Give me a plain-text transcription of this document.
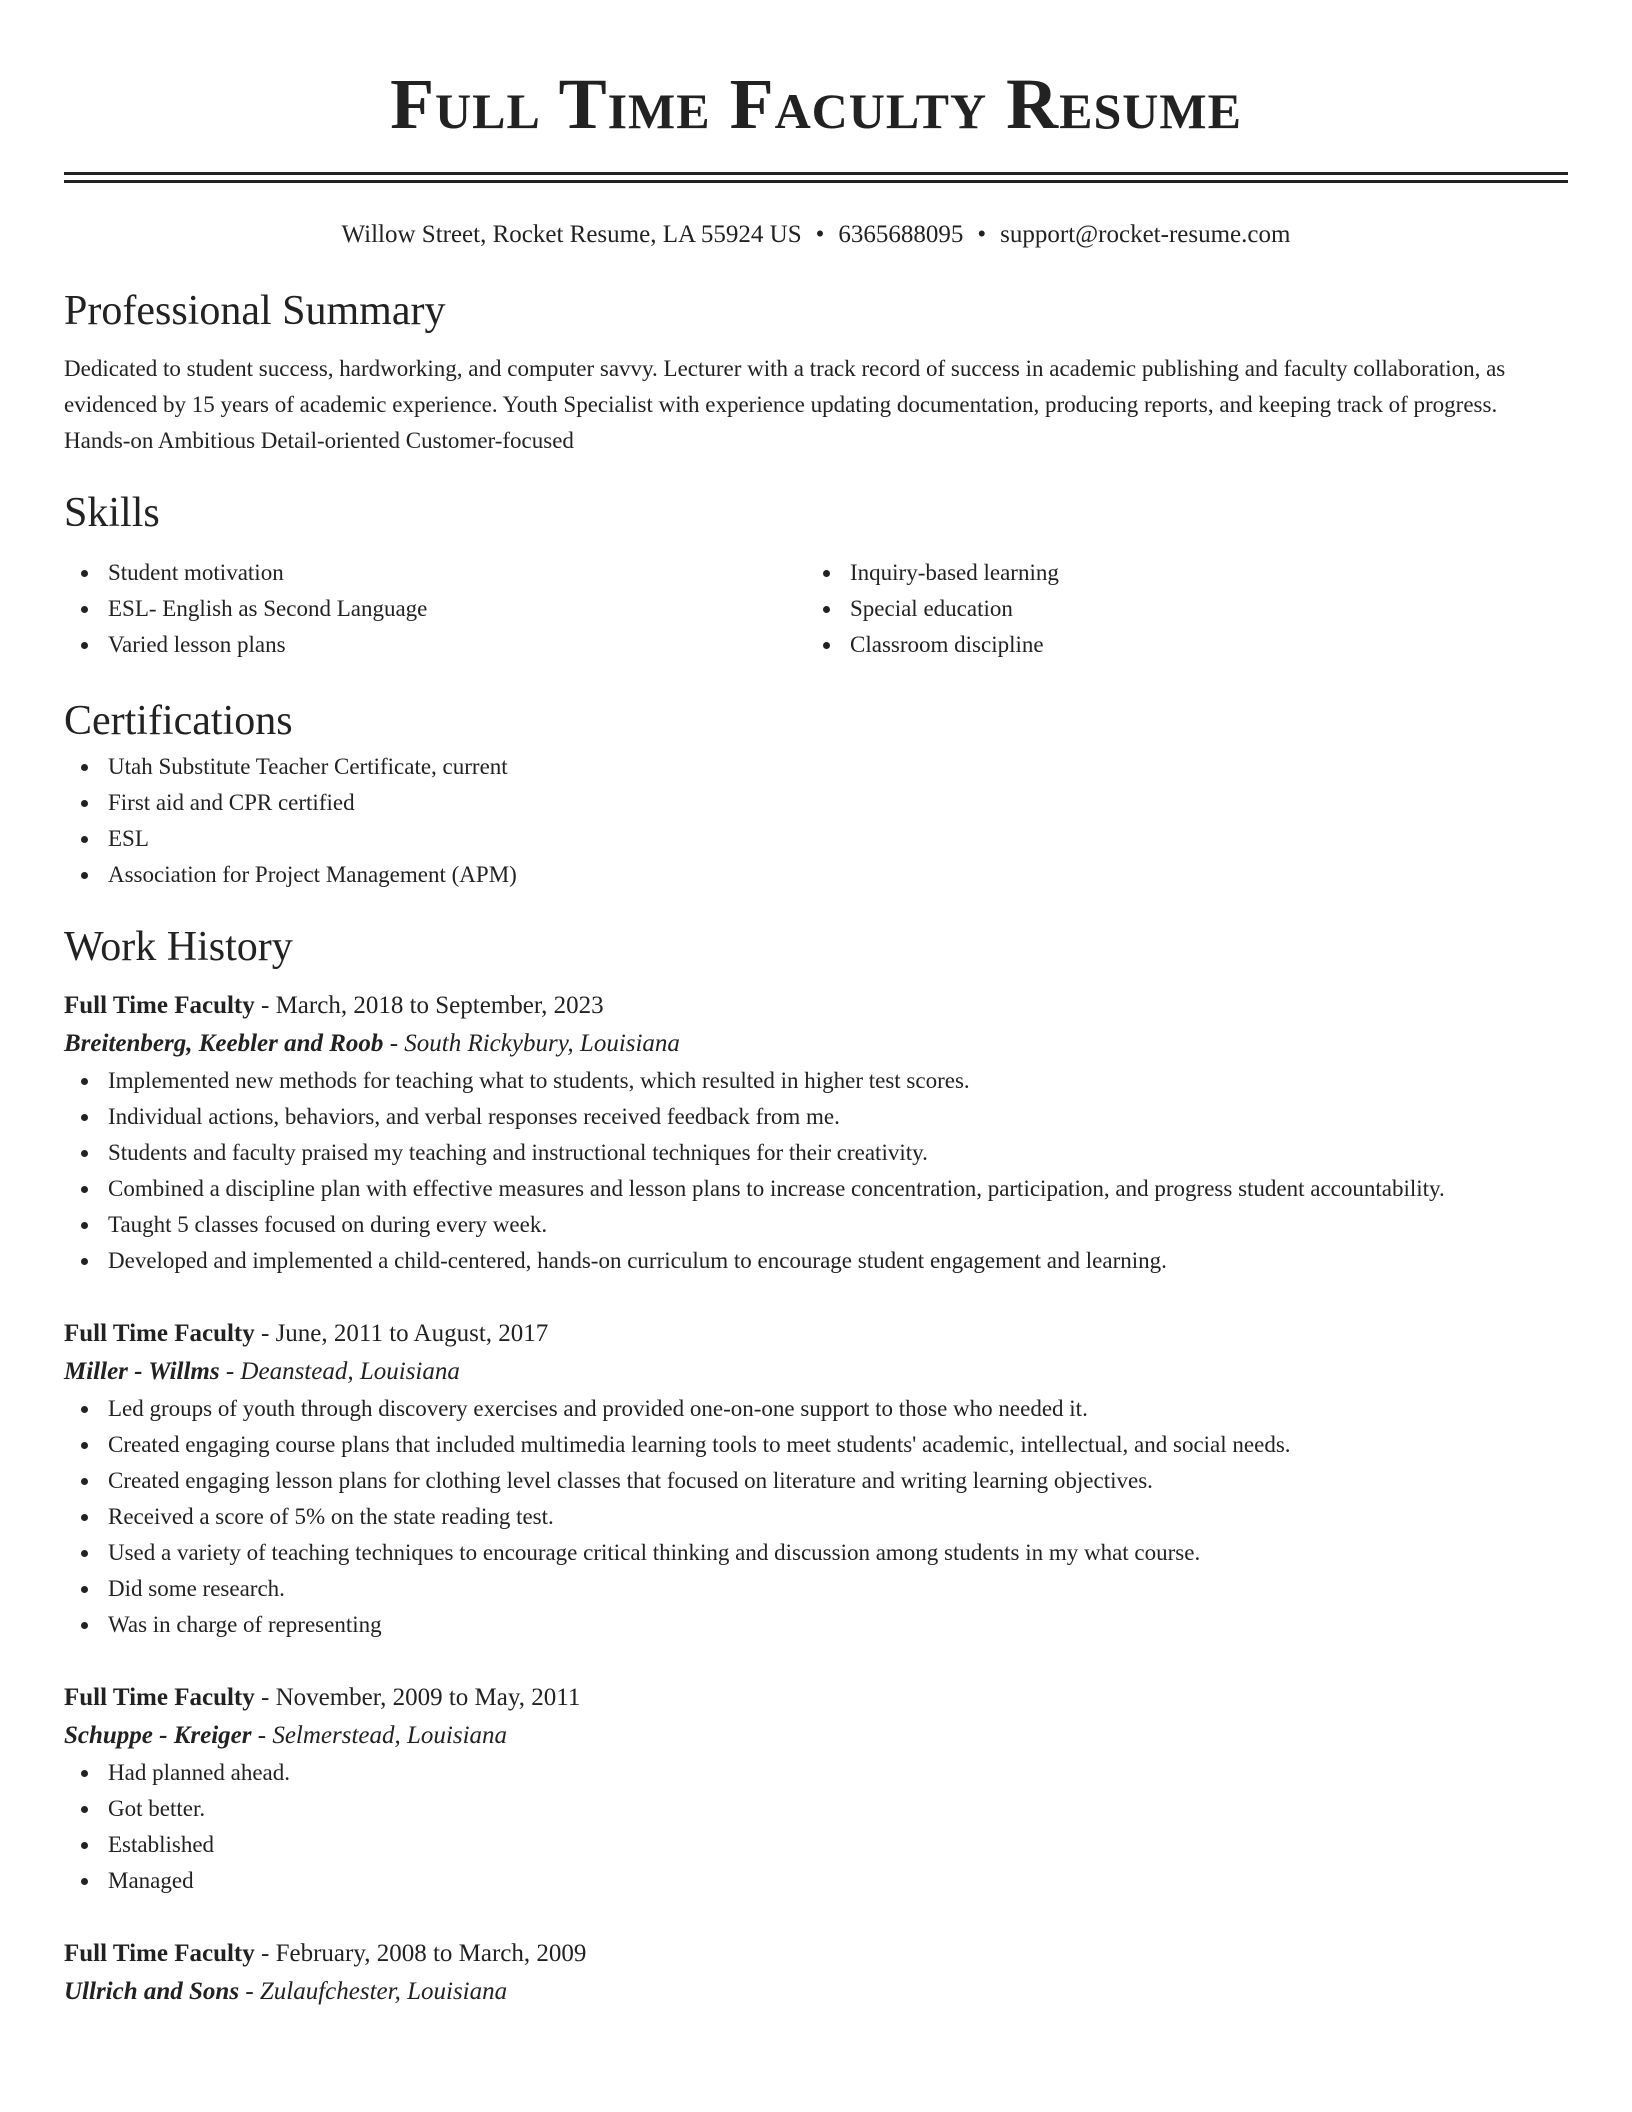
Full Time Faculty Resume
Willow Street, Rocket Resume, LA 55924 US • 6365688095 • support@rocket-resume.com
Professional Summary
Dedicated to student success, hardworking, and computer savvy. Lecturer with a track record of success in academic publishing and faculty collaboration, as evidenced by 15 years of academic experience. Youth Specialist with experience updating documentation, producing reports, and keeping track of progress. Hands-on Ambitious Detail-oriented Customer-focused
Skills
Student motivation
ESL- English as Second Language
Varied lesson plans
Inquiry-based learning
Special education
Classroom discipline
Certifications
Utah Substitute Teacher Certificate, current
First aid and CPR certified
ESL
Association for Project Management (APM)
Work History
Full Time Faculty - March, 2018 to September, 2023
Breitenberg, Keebler and Roob - South Rickybury, Louisiana
Implemented new methods for teaching what to students, which resulted in higher test scores.
Individual actions, behaviors, and verbal responses received feedback from me.
Students and faculty praised my teaching and instructional techniques for their creativity.
Combined a discipline plan with effective measures and lesson plans to increase concentration, participation, and progress student accountability.
Taught 5 classes focused on during every week.
Developed and implemented a child-centered, hands-on curriculum to encourage student engagement and learning.
Full Time Faculty - June, 2011 to August, 2017
Miller - Willms - Deanstead, Louisiana
Led groups of youth through discovery exercises and provided one-on-one support to those who needed it.
Created engaging course plans that included multimedia learning tools to meet students' academic, intellectual, and social needs.
Created engaging lesson plans for clothing level classes that focused on literature and writing learning objectives.
Received a score of 5% on the state reading test.
Used a variety of teaching techniques to encourage critical thinking and discussion among students in my what course.
Did some research.
Was in charge of representing
Full Time Faculty - November, 2009 to May, 2011
Schuppe - Kreiger - Selmerstead, Louisiana
Had planned ahead.
Got better.
Established
Managed
Full Time Faculty - February, 2008 to March, 2009
Ullrich and Sons - Zulaufchester, Louisiana
